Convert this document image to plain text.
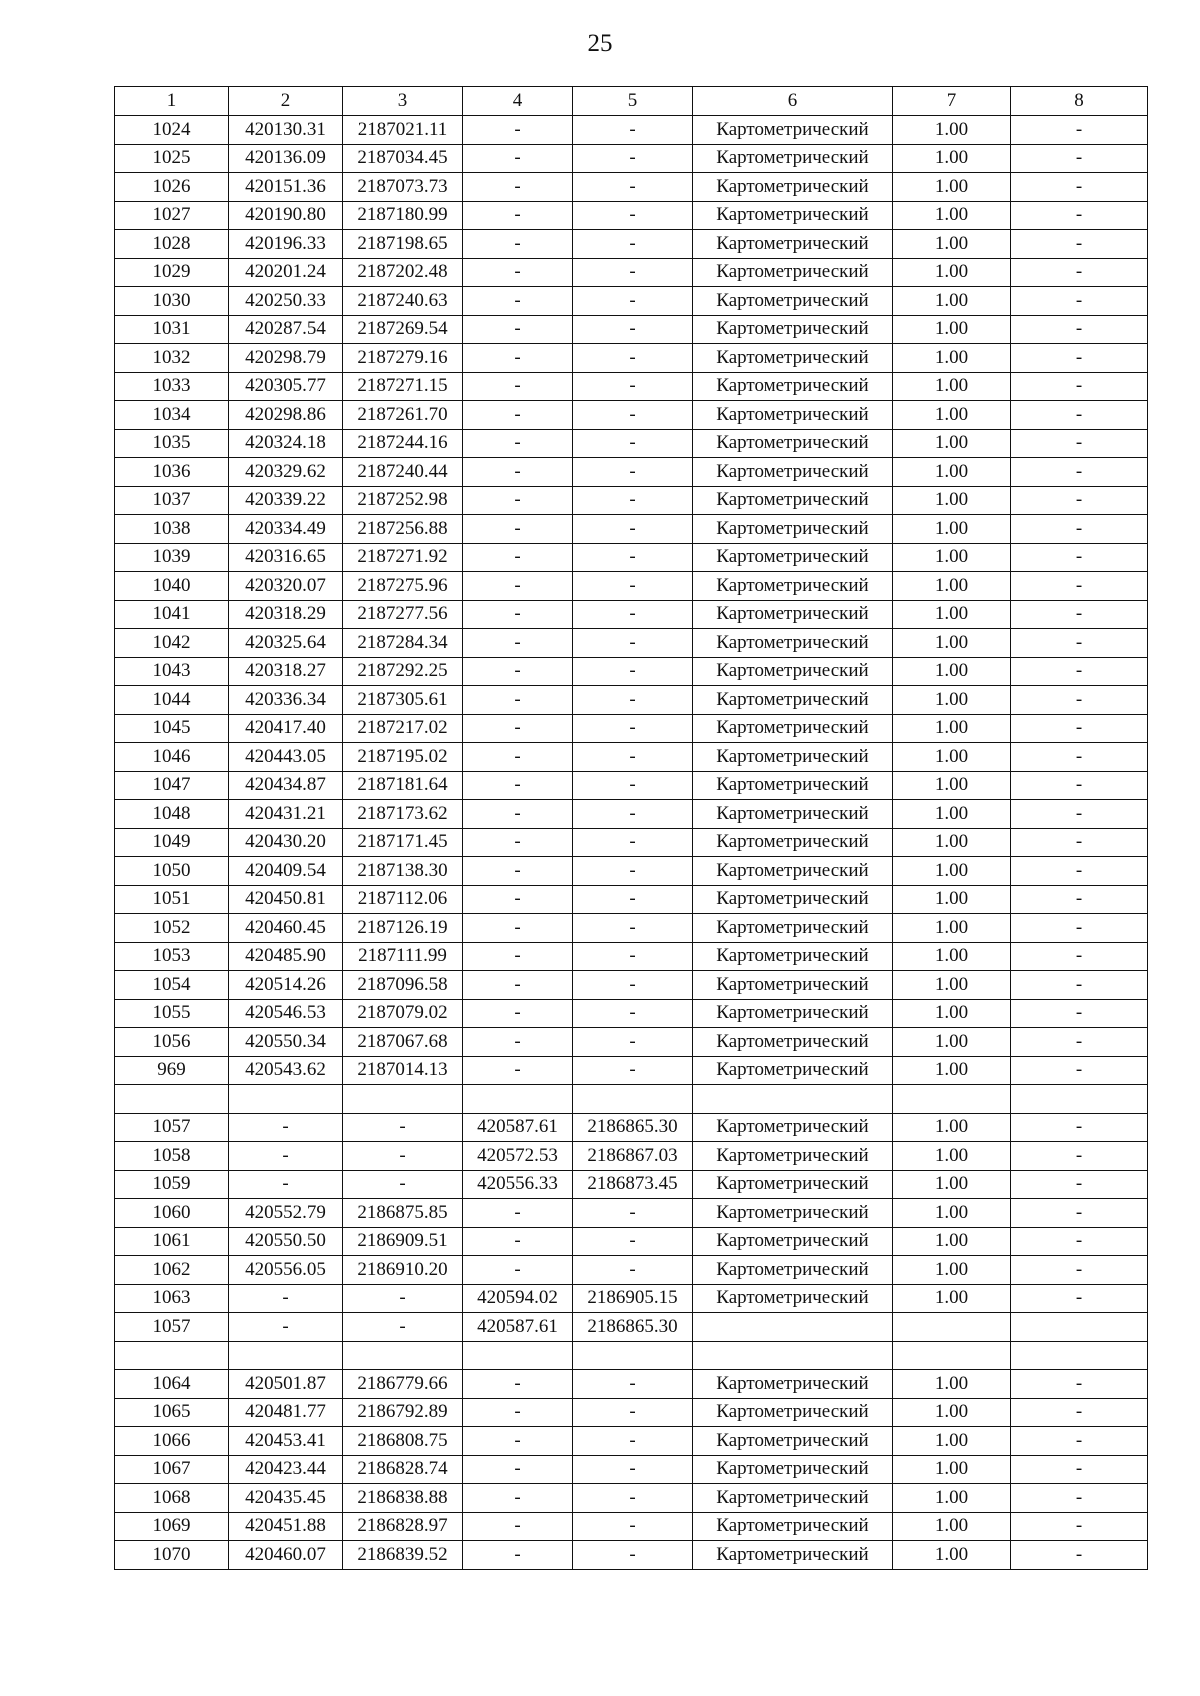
25
1	2	3	4	5	6	7	8
1024	420130.31	2187021.11	-	-	Картометрический	1.00	-
1025	420136.09	2187034.45	-	-	Картометрический	1.00	-
1026	420151.36	2187073.73	-	-	Картометрический	1.00	-
1027	420190.80	2187180.99	-	-	Картометрический	1.00	-
1028	420196.33	2187198.65	-	-	Картометрический	1.00	-
1029	420201.24	2187202.48	-	-	Картометрический	1.00	-
1030	420250.33	2187240.63	-	-	Картометрический	1.00	-
1031	420287.54	2187269.54	-	-	Картометрический	1.00	-
1032	420298.79	2187279.16	-	-	Картометрический	1.00	-
1033	420305.77	2187271.15	-	-	Картометрический	1.00	-
1034	420298.86	2187261.70	-	-	Картометрический	1.00	-
1035	420324.18	2187244.16	-	-	Картометрический	1.00	-
1036	420329.62	2187240.44	-	-	Картометрический	1.00	-
1037	420339.22	2187252.98	-	-	Картометрический	1.00	-
1038	420334.49	2187256.88	-	-	Картометрический	1.00	-
1039	420316.65	2187271.92	-	-	Картометрический	1.00	-
1040	420320.07	2187275.96	-	-	Картометрический	1.00	-
1041	420318.29	2187277.56	-	-	Картометрический	1.00	-
1042	420325.64	2187284.34	-	-	Картометрический	1.00	-
1043	420318.27	2187292.25	-	-	Картометрический	1.00	-
1044	420336.34	2187305.61	-	-	Картометрический	1.00	-
1045	420417.40	2187217.02	-	-	Картометрический	1.00	-
1046	420443.05	2187195.02	-	-	Картометрический	1.00	-
1047	420434.87	2187181.64	-	-	Картометрический	1.00	-
1048	420431.21	2187173.62	-	-	Картометрический	1.00	-
1049	420430.20	2187171.45	-	-	Картометрический	1.00	-
1050	420409.54	2187138.30	-	-	Картометрический	1.00	-
1051	420450.81	2187112.06	-	-	Картометрический	1.00	-
1052	420460.45	2187126.19	-	-	Картометрический	1.00	-
1053	420485.90	2187111.99	-	-	Картометрический	1.00	-
1054	420514.26	2187096.58	-	-	Картометрический	1.00	-
1055	420546.53	2187079.02	-	-	Картометрический	1.00	-
1056	420550.34	2187067.68	-	-	Картометрический	1.00	-
969	420543.62	2187014.13	-	-	Картометрический	1.00	-

1057	-	-	420587.61	2186865.30	Картометрический	1.00	-
1058	-	-	420572.53	2186867.03	Картометрический	1.00	-
1059	-	-	420556.33	2186873.45	Картометрический	1.00	-
1060	420552.79	2186875.85	-	-	Картометрический	1.00	-
1061	420550.50	2186909.51	-	-	Картометрический	1.00	-
1062	420556.05	2186910.20	-	-	Картометрический	1.00	-
1063	-	-	420594.02	2186905.15	Картометрический	1.00	-
1057	-	-	420587.61	2186865.30			

1064	420501.87	2186779.66	-	-	Картометрический	1.00	-
1065	420481.77	2186792.89	-	-	Картометрический	1.00	-
1066	420453.41	2186808.75	-	-	Картометрический	1.00	-
1067	420423.44	2186828.74	-	-	Картометрический	1.00	-
1068	420435.45	2186838.88	-	-	Картометрический	1.00	-
1069	420451.88	2186828.97	-	-	Картометрический	1.00	-
1070	420460.07	2186839.52	-	-	Картометрический	1.00	-
